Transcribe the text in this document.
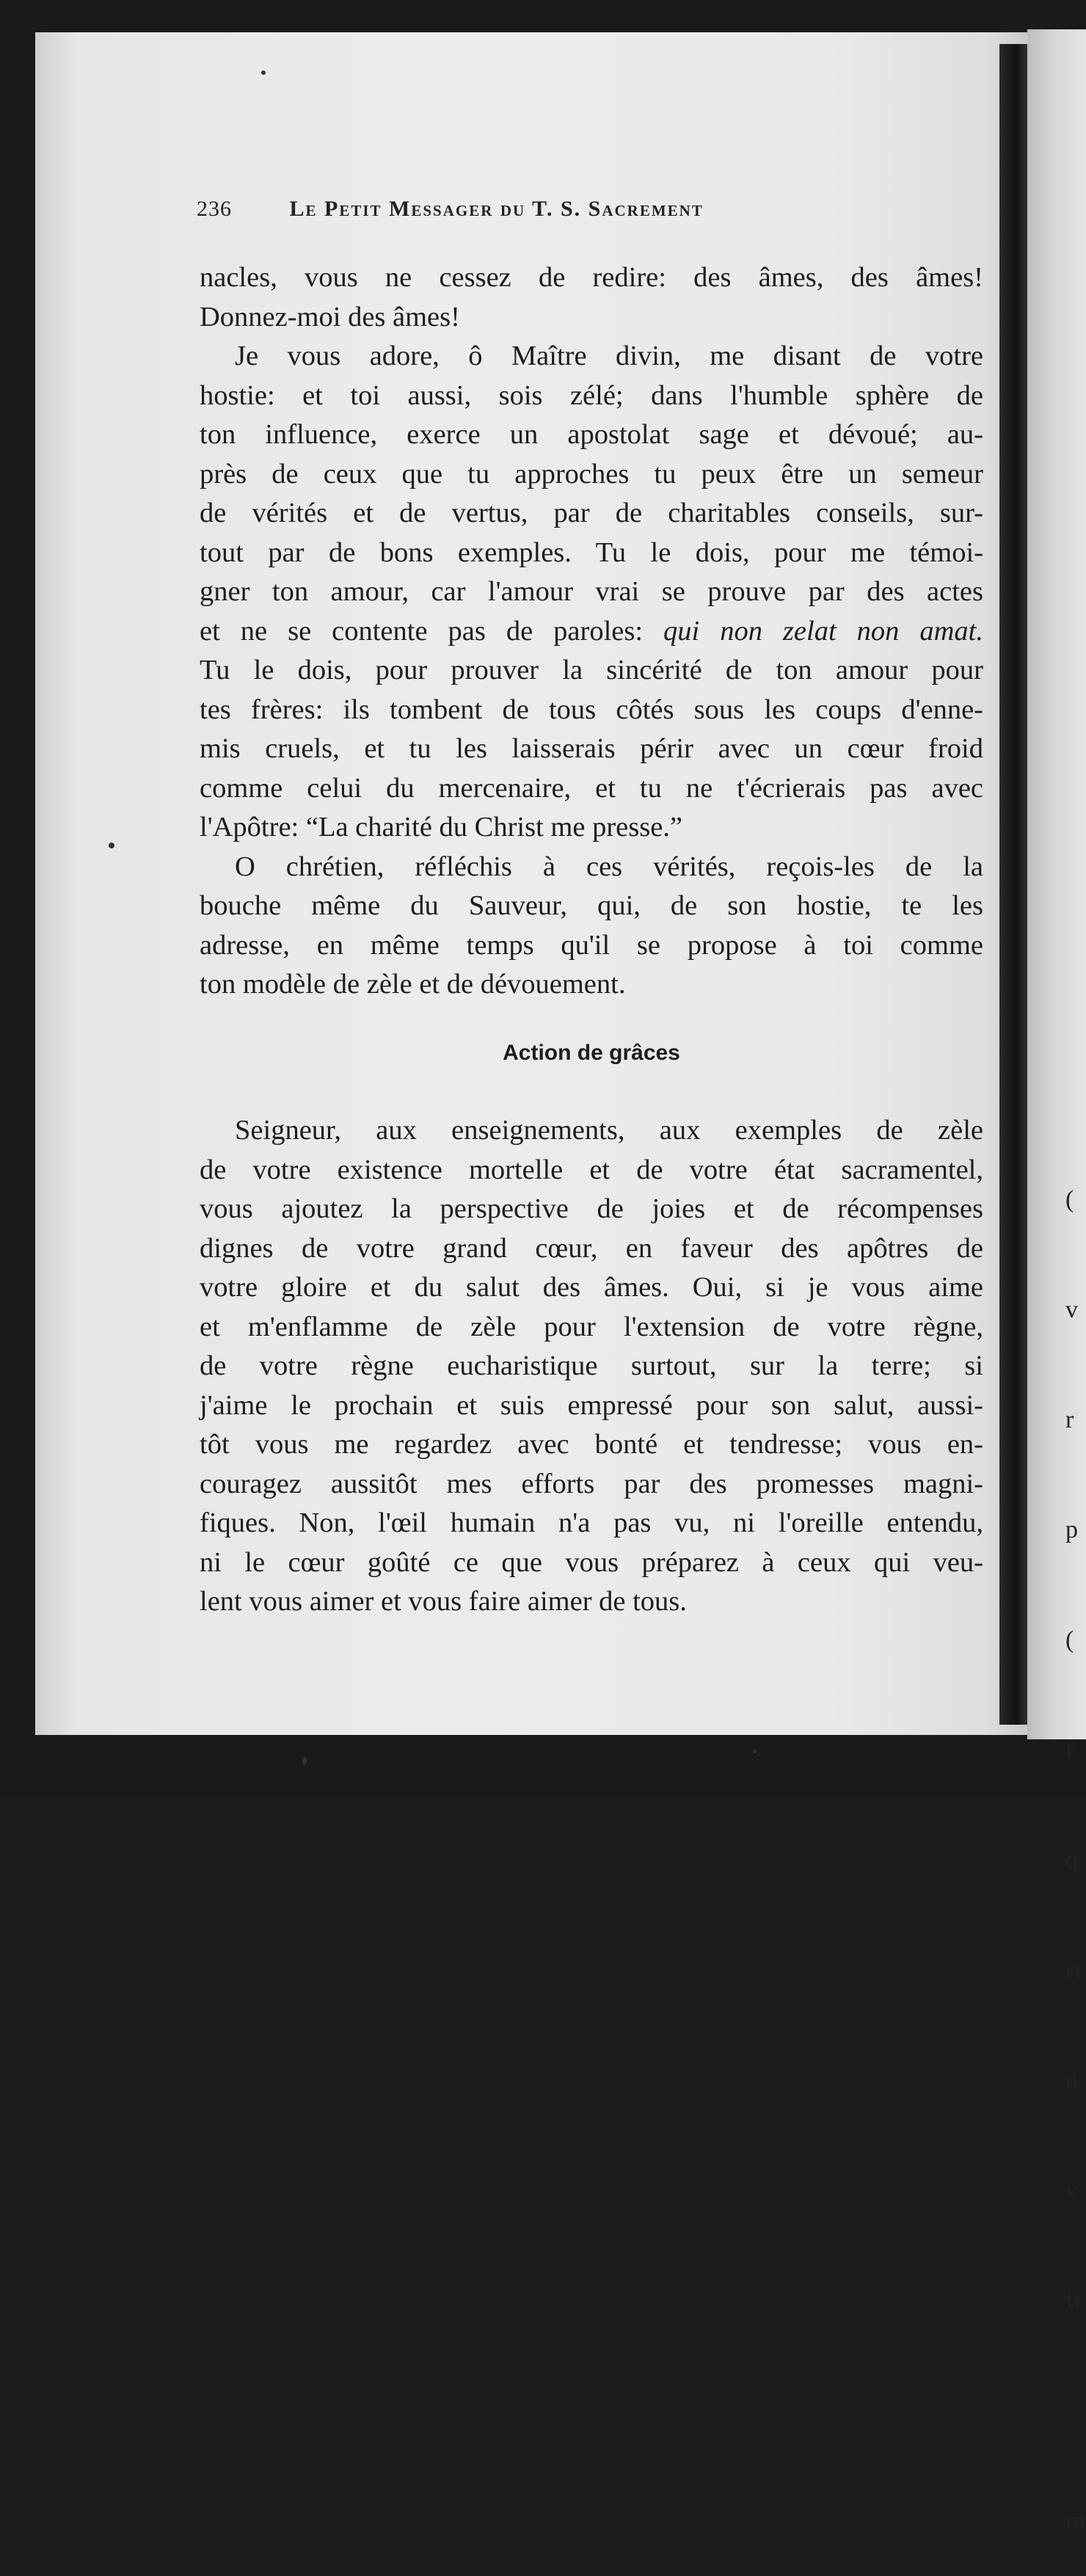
(

v

r

p

(

r

q

ri

n

v

fr

m

236	Le Petit Messager du T. S. Sacrement
nacles, vous ne cessez de redire: des âmes, des âmes!
Donnez-moi des âmes!
Je vous adore, ô Maître divin, me disant de votre
hostie: et toi aussi, sois zélé; dans l'humble sphère de
ton influence, exerce un apostolat sage et dévoué; au-
près de ceux que tu approches tu peux être un semeur
de vérités et de vertus, par de charitables conseils, sur-
tout par de bons exemples. Tu le dois, pour me témoi-
gner ton amour, car l'amour vrai se prouve par des actes
et ne se contente pas de paroles: qui non zelat non amat.
Tu le dois, pour prouver la sincérité de ton amour pour
tes frères: ils tombent de tous côtés sous les coups d'enne-
mis cruels, et tu les laisserais périr avec un cœur froid
comme celui du mercenaire, et tu ne t'écrierais pas avec
l'Apôtre: “La charité du Christ me presse.”
O chrétien, réfléchis à ces vérités, reçois-les de la
bouche même du Sauveur, qui, de son hostie, te les
adresse, en même temps qu'il se propose à toi comme
ton modèle de zèle et de dévouement.
Action de grâces
Seigneur, aux enseignements, aux exemples de zèle
de votre existence mortelle et de votre état sacramentel,
vous ajoutez la perspective de joies et de récompenses
dignes de votre grand cœur, en faveur des apôtres de
votre gloire et du salut des âmes. Oui, si je vous aime
et m'enflamme de zèle pour l'extension de votre règne,
de votre règne eucharistique surtout, sur la terre; si
j'aime le prochain et suis empressé pour son salut, aussi-
tôt vous me regardez avec bonté et tendresse; vous en-
couragez aussitôt mes efforts par des promesses magni-
fiques. Non, l'œil humain n'a pas vu, ni l'oreille entendu,
ni le cœur goûté ce que vous préparez à ceux qui veu-
lent vous aimer et vous faire aimer de tous.
